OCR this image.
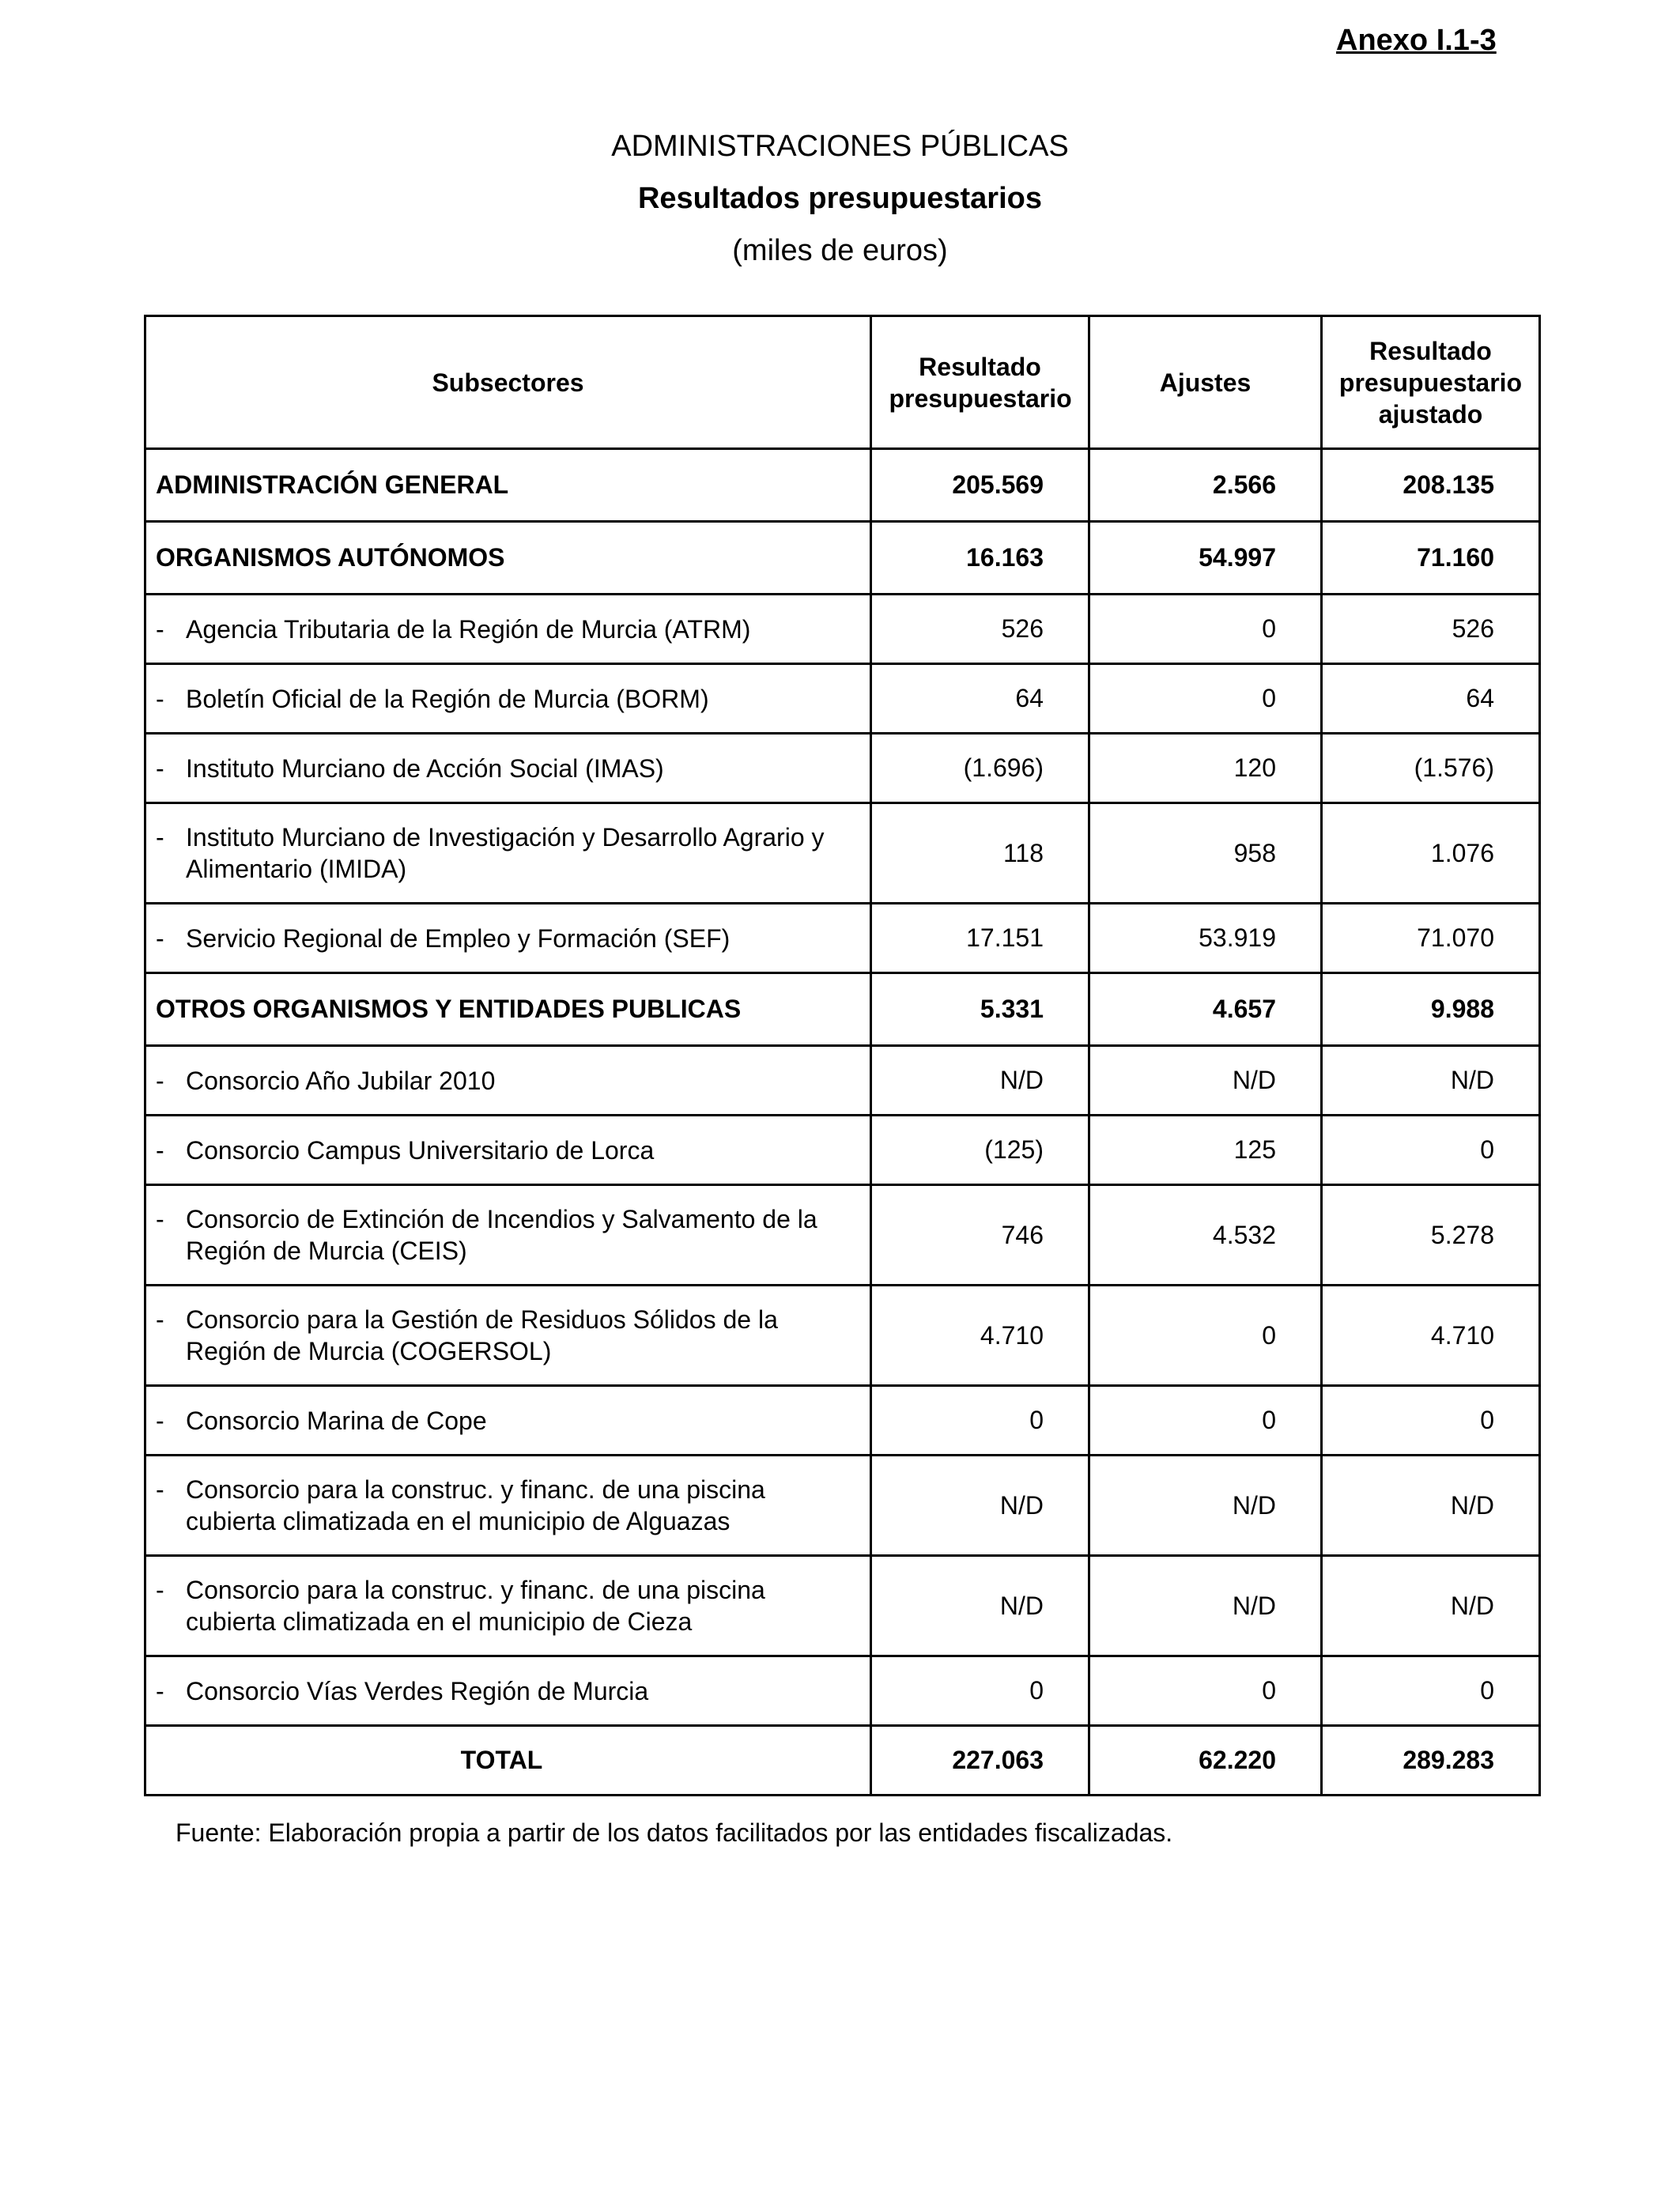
Anexo I.1-3
ADMINISTRACIONES PÚBLICAS
Resultados presupuestarios
(miles de euros)
Subsectores	Resultado presupuestario	Ajustes	Resultado presupuestario ajustado
ADMINISTRACIÓN GENERAL	205.569	2.566	208.135
ORGANISMOS AUTÓNOMOS	16.163	54.997	71.160

- Agencia Tributaria de la Región de Murcia (ATRM)	526	0	526

- Boletín Oficial de la Región de Murcia (BORM)	64	0	64

- Instituto Murciano de Acción Social (IMAS)	(1.696)	120	(1.576)

- Instituto Murciano de Investigación y Desarrollo Agrario y Alimentario (IMIDA)	118	958	1.076

- Servicio Regional de Empleo y Formación (SEF)	17.151	53.919	71.070
OTROS ORGANISMOS Y ENTIDADES PUBLICAS	5.331	4.657	9.988

- Consorcio Año Jubilar 2010	N/D	N/D	N/D

- Consorcio Campus Universitario de Lorca	(125)	125	0

- Consorcio de Extinción de Incendios y Salvamento de la Región de Murcia (CEIS)	746	4.532	5.278

- Consorcio para la Gestión de Residuos Sólidos de la Región de Murcia (COGERSOL)	4.710	0	4.710

- Consorcio Marina de Cope	0	0	0

- Consorcio para la construc. y financ. de una piscina cubierta climatizada en el municipio de Alguazas	N/D	N/D	N/D

- Consorcio para la construc. y financ. de una piscina cubierta climatizada en el municipio de Cieza	N/D	N/D	N/D

- Consorcio Vías Verdes Región de Murcia	0	0	0
TOTAL	227.063	62.220	289.283
Fuente: Elaboración propia a partir de los datos facilitados por las entidades fiscalizadas.
